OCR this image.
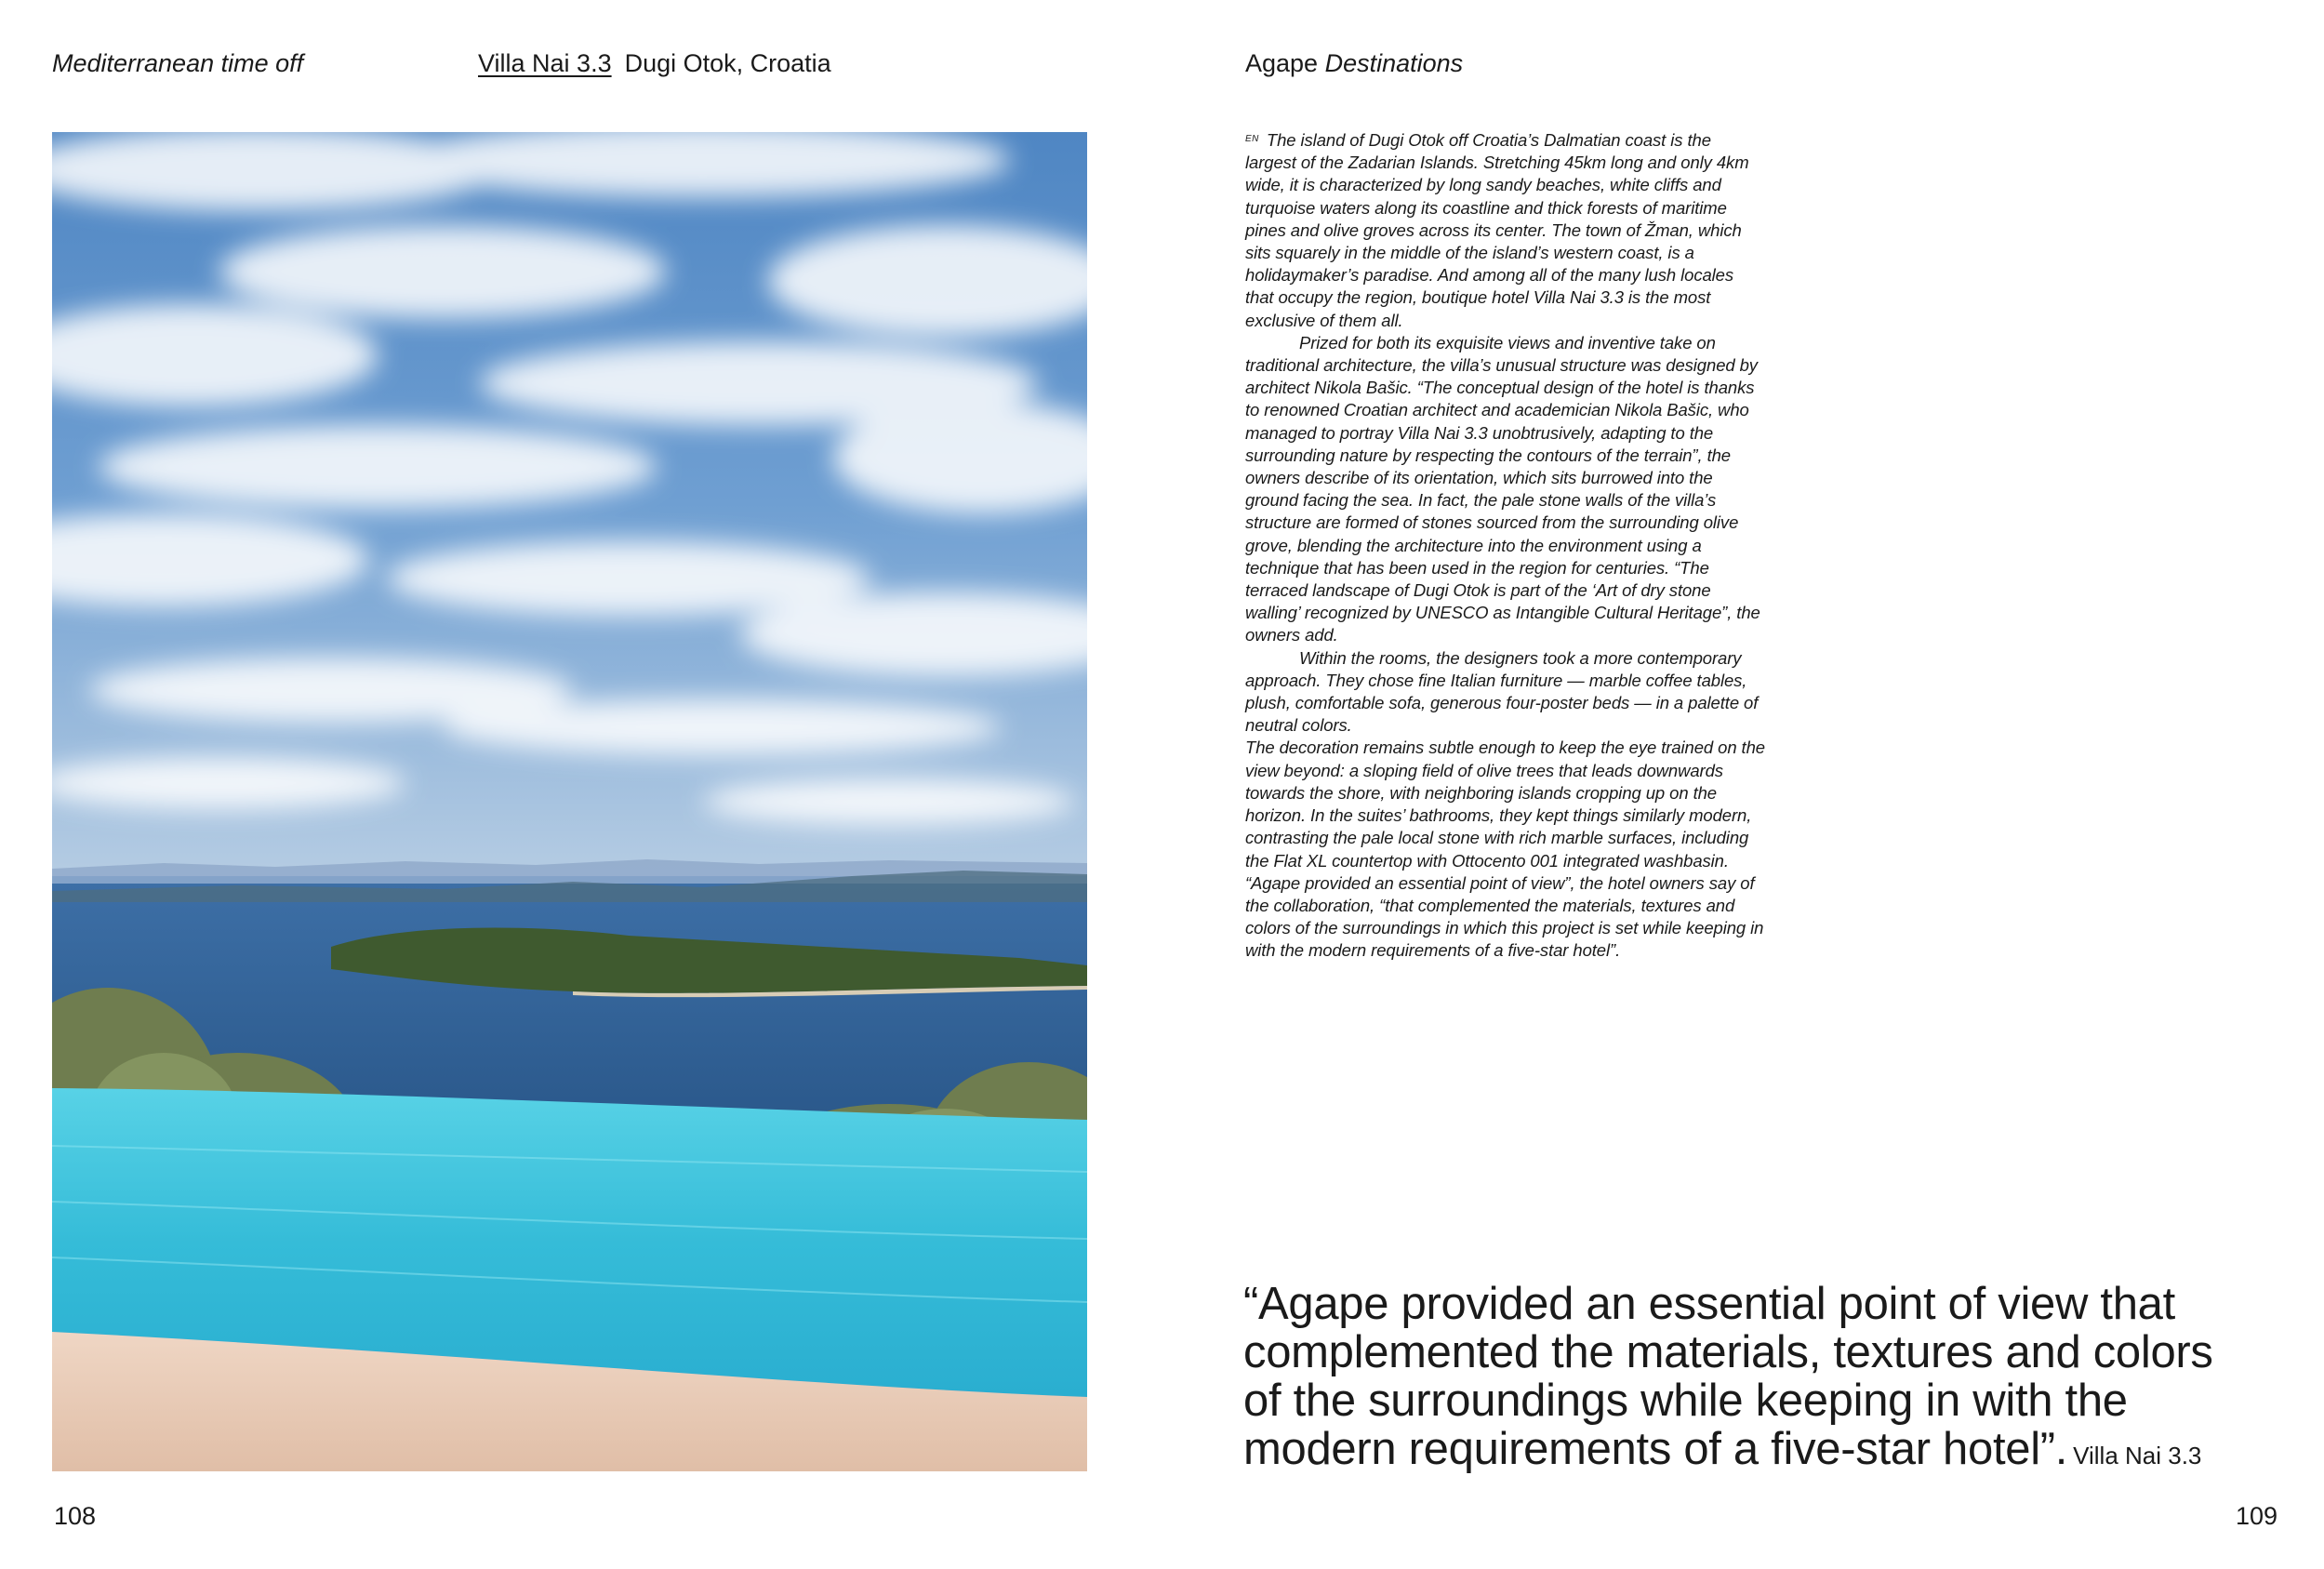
Mediterranean time off	Villa Nai 3.3 Dugi Otok, Croatia	Agape Destinations

$^{EN}$ The island of Dugi Otok off Croatia’s Dalmatian coast is the largest of the Zadarian Islands. Stretching 45km long and only 4km wide, it is characterized by long sandy beaches, white cliffs and turquoise waters along its coastline and thick forests of maritime pines and olive groves across its center. The town of Žman, which sits squarely in the middle of the island’s western coast, is a holidaymaker’s paradise. And among all of the many lush locales that occupy the region, boutique hotel Villa Nai 3.3 is the most exclusive of them all.

Prized for both its exquisite views and inventive take on traditional architecture, the villa’s unusual structure was designed by architect Nikola Bašic. “The conceptual design of the hotel is thanks to renowned Croatian architect and academician Nikola Bašic, who managed to portray Villa Nai 3.3 unobtrusively, adapting to the surrounding nature by respecting the contours of the terrain”, the owners describe of its orientation, which sits burrowed into the ground facing the sea. In fact, the pale stone walls of the villa’s structure are formed of stones sourced from the surrounding olive grove, blending the architecture into the environment using a technique that has been used in the region for centuries. “The terraced landscape of Dugi Otok is part of the ‘Art of dry stone walling’ recognized by UNESCO as Intangible Cultural Heritage”, the owners add.

Within the rooms, the designers took a more contemporary approach. They chose fine Italian furniture — marble coffee tables, plush, comfortable sofa, generous four-poster beds — in a palette of neutral colors.

The decoration remains subtle enough to keep the eye trained on the view beyond: a sloping field of olive trees that leads downwards towards the shore, with neighboring islands cropping up on the horizon. In the suites’ bathrooms, they kept things similarly modern, contrasting the pale local stone with rich marble surfaces, including the Flat XL countertop with Ottocento 001 integrated washbasin. “Agape provided an essential point of view”, the hotel owners say of the collaboration, “that complemented the materials, textures and colors of the surroundings in which this project is set while keeping in with the modern requirements of a five-star hotel”.

“Agape provided an essential point of view that complemented the materials, textures and colors of the surroundings while keeping in with the modern requirements of a five-star hotel”. Villa Nai 3.3
108	109
